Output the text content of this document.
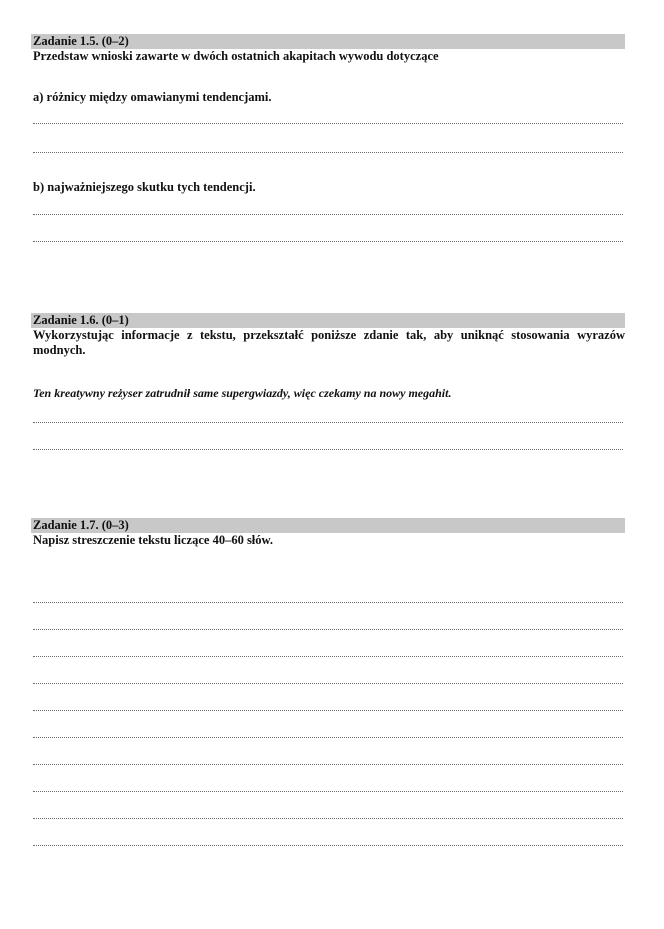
Zadanie 1.5. (0–2)
Przedstaw wnioski zawarte w dwóch ostatnich akapitach wywodu dotyczące
a) różnicy między omawianymi tendencjami.
b) najważniejszego skutku tych tendencji.
Zadanie 1.6. (0–1)
Wykorzystując informacje z tekstu, przekształć poniższe zdanie tak, aby uniknąć stosowania wyrazów modnych.
Ten kreatywny reżyser zatrudnił same supergwiazdy, więc czekamy na nowy megahit.
Zadanie 1.7. (0–3)
Napisz streszczenie tekstu liczące 40–60 słów.
